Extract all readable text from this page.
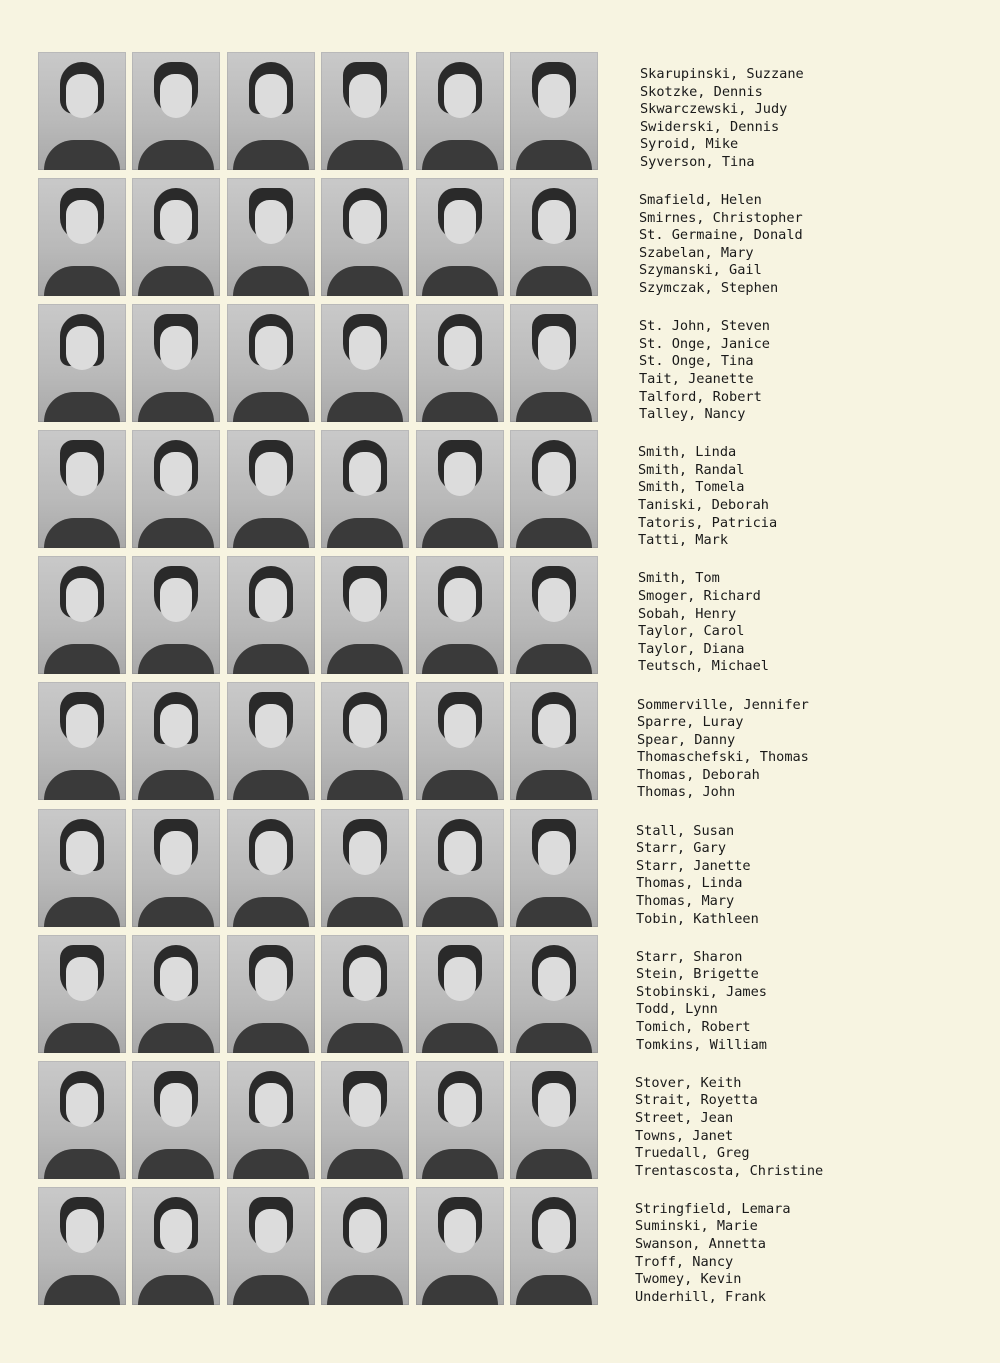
Skarupinski, Suzzane
Skotzke, Dennis
Skwarczewski, Judy
Swiderski, Dennis
Syroid, Mike
Syverson, Tina
Smafield, Helen
Smirnes, Christopher
St. Germaine, Donald
Szabelan, Mary
Szymanski, Gail
Szymczak, Stephen
St. John, Steven
St. Onge, Janice
St. Onge, Tina
Tait, Jeanette
Talford, Robert
Talley, Nancy
Smith, Linda
Smith, Randal
Smith, Tomela
Taniski, Deborah
Tatoris, Patricia
Tatti, Mark
Smith, Tom
Smoger, Richard
Sobah, Henry
Taylor, Carol
Taylor, Diana
Teutsch, Michael
Sommerville, Jennifer
Sparre, Luray
Spear, Danny
Thomaschefski, Thomas
Thomas, Deborah
Thomas, John
Stall, Susan
Starr, Gary
Starr, Janette
Thomas, Linda
Thomas, Mary
Tobin, Kathleen
Starr, Sharon
Stein, Brigette
Stobinski, James
Todd, Lynn
Tomich, Robert
Tomkins, William
Stover, Keith
Strait, Royetta
Street, Jean
Towns, Janet
Truedall, Greg
Trentascosta, Christine
Stringfield, Lemara
Suminski, Marie
Swanson, Annetta
Troff, Nancy
Twomey, Kevin
Underhill, Frank
